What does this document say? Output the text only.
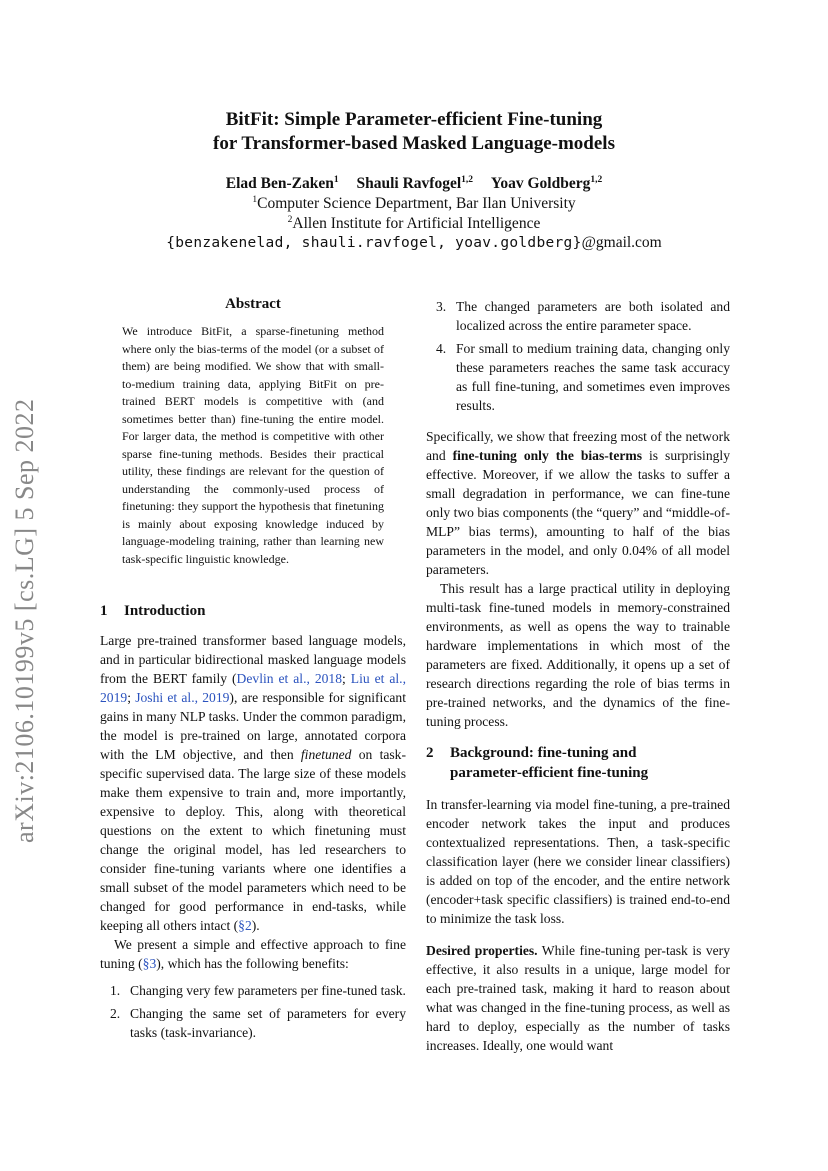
BitFit: Simple Parameter-efficient Fine-tuning
for Transformer-based Masked Language-models
Elad Ben-Zaken$^1$ Shauli Ravfogel$^{1,2}$ Yoav Goldberg$^{1,2}$
$^1$Computer Science Department, Bar Ilan University
$^2$Allen Institute for Artificial Intelligence
{benzakenelad, shauli.ravfogel, yoav.goldberg}@gmail.com
arXiv:2106.10199v5 [cs.LG] 5 Sep 2022
Abstract
We introduce BitFit, a sparse-finetuning method where only the bias-terms of the model (or a subset of them) are being modified. We show that with small-to-medium training data, applying BitFit on pre-trained BERT models is competitive with (and sometimes better than) fine-tuning the entire model. For larger data, the method is competitive with other sparse fine-tuning methods. Besides their practical utility, these findings are relevant for the question of understanding the commonly-used process of finetuning: they support the hypothesis that finetuning is mainly about exposing knowledge induced by language-modeling training, rather than learning new task-specific linguistic knowledge.
1 Introduction

Large pre-trained transformer based language models, and in particular bidirectional masked language models from the BERT family (Devlin et al., 2018; Liu et al., 2019; Joshi et al., 2019), are responsible for significant gains in many NLP tasks. Under the common paradigm, the model is pre-trained on large, annotated corpora with the LM objective, and then finetuned on task-specific supervised data. The large size of these models make them expensive to train and, more importantly, expensive to deploy. This, along with theoretical questions on the extent to which finetuning must change the original model, has led researchers to consider fine-tuning variants where one identifies a small subset of the model parameters which need to be changed for good performance in end-tasks, while keeping all others intact (§2).

We present a simple and effective approach to fine tuning (§3), which has the following benefits:

1. Changing very few parameters per fine-tuned task.
2. Changing the same set of parameters for every tasks (task-invariance).
3. The changed parameters are both isolated and localized across the entire parameter space.
4. For small to medium training data, changing only these parameters reaches the same task accuracy as full fine-tuning, and sometimes even improves results.

Specifically, we show that freezing most of the network and fine-tuning only the bias-terms is surprisingly effective. Moreover, if we allow the tasks to suffer a small degradation in performance, we can fine-tune only two bias components (the “query” and “middle-of-MLP” bias terms), amounting to half of the bias parameters in the model, and only 0.04% of all model parameters.

This result has a large practical utility in deploying multi-task fine-tuned models in memory-constrained environments, as well as opens the way to trainable hardware implementations in which most of the parameters are fixed. Additionally, it opens up a set of research directions regarding the role of bias terms in pre-trained networks, and the dynamics of the fine-tuning process.

2 Background: fine-tuning and
parameter-efficient fine-tuning

In transfer-learning via model fine-tuning, a pre-trained encoder network takes the input and produces contextualized representations. Then, a task-specific classification layer (here we consider linear classifiers) is added on top of the encoder, and the entire network (encoder+task specific classifiers) is trained end-to-end to minimize the task loss.

Desired properties. While fine-tuning per-task is very effective, it also results in a unique, large model for each pre-trained task, making it hard to reason about what was changed in the fine-tuning process, as well as hard to deploy, especially as the number of tasks increases. Ideally, one would want
